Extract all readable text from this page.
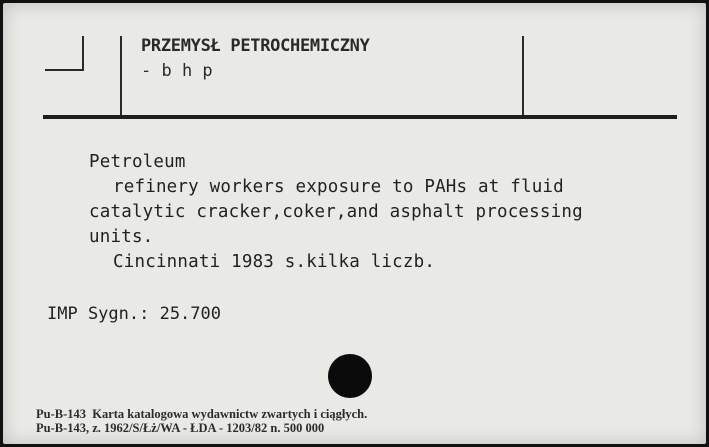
PRZEMYSŁ PETROCHEMICZNY
- b h p
Petroleum
refinery workers exposure to PAHs at fluid
catalytic cracker,coker,and asphalt processing
units.
Cincinnati 1983 s.kilka liczb.
IMP Sygn.: 25.700
Pu-B-143  Karta katalogowa wydawnictw zwartych i ciągłych.
Pu-B-143, z. 1962/S/Łż/WA - ŁDA - 1203/82 n. 500 000
